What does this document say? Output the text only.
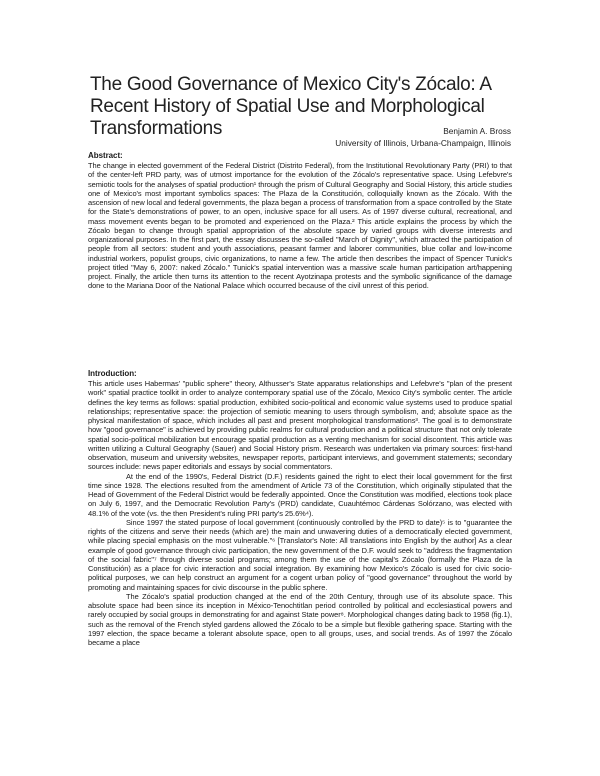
The Good Governance of Mexico City's Zócalo: A Recent History of Spatial Use and Morphological Transformations	Benjamin A. Bross
University of Illinois, Urbana-Champaign, Illinois

Abstract:

The change in elected government of the Federal District (Distrito Federal), from the Institutional Revolutionary Party (PRI) to that of the center-left PRD party, was of utmost importance for the evolution of the Zócalo's representative space. Using Lefebvre's semiotic tools for the analyses of spatial production¹ through the prism of Cultural Geography and Social History, this article studies one of Mexico's most important symbolics spaces: The Plaza de la Constitución, colloquially known as the Zócalo. With the ascension of new local and federal governments, the plaza began a process of transformation from a space controlled by the State for the State's demonstrations of power, to an open, inclusive space for all users. As of 1997 diverse cultural, recreational, and mass movement events began to be promoted and experienced on the Plaza.² This article explains the process by which the Zócalo began to change through spatial appropriation of the absolute space by varied groups with diverse interests and organizational purposes. In the first part, the essay discusses the so-called "March of Dignity", which attracted the participation of people from all sectors: student and youth associations, peasant farmer and laborer communities, blue collar and low-income industrial workers, populist groups, civic organizations, to name a few. The article then describes the impact of Spencer Tunick's project titled "May 6, 2007: naked Zócalo." Tunick's spatial intervention was a massive scale human participation art/happening project. Finally, the article then turns its attention to the recent Ayotzinapa protests and the symbolic significance of the damage done to the Mariana Door of the National Palace which occurred because of the civil unrest of this period.

Introduction:

This article uses Habermas' "public sphere" theory, Althusser's State apparatus relationships and Lefebvre's "plan of the present work" spatial practice toolkit in order to analyze contemporary spatial use of the Zócalo, Mexico City's symbolic center. The article defines the key terms as follows: spatial production, exhibited socio-political and economic value systems used to produce spatial relationships; representative space: the projection of semiotic meaning to users through symbolism, and; absolute space as the physical manifestation of space, which includes all past and present morphological transformations³. The goal is to demonstrate how "good governance" is achieved by providing public realms for cultural production and a political structure that not only tolerate spatial socio-political mobilization but encourage spatial production as a venting mechanism for social discontent. This article was written utilizing a Cultural Geography (Sauer) and Social History prism. Research was undertaken via primary sources: first-hand observation, museum and university websites, newspaper reports, participant interviews, and government statements; secondary sources include: news paper editorials and essays by social commentators.

At the end of the 1990's, Federal District (D.F.) residents gained the right to elect their local government for the first time since 1928. The elections resulted from the amendment of Article 73 of the Constitution, which originally stipulated that the Head of Government of the Federal District would be federally appointed. Once the Constitution was modified, elections took place on July 6, 1997, and the Democratic Revolution Party's (PRD) candidate, Cuauhtémoc Cárdenas Solórzano, was elected with 48.1% of the vote (vs. the then President's ruling PRI party's 25.6%⁴).

Since 1997 the stated purpose of local government (continuously controlled by the PRD to date)⁵ is to "guarantee the rights of the citizens and serve their needs (which are) the main and unwavering duties of a democratically elected government, while placing special emphasis on the most vulnerable."⁶ [Translator's Note: All translations into English by the author] As a clear example of good governance through civic participation, the new government of the D.F. would seek to "address the fragmentation of the social fabric"⁷ through diverse social programs; among them the use of the capital's Zócalo (formally the Plaza de la Constitución) as a place for civic interaction and social integration. By examining how Mexico's Zócalo is used for civic socio-political purposes, we can help construct an argument for a cogent urban policy of "good governance" throughout the world by promoting and maintaining spaces for civic discourse in the public sphere.

The Zócalo's spatial production changed at the end of the 20th Century, through use of its absolute space. This absolute space had been since its inception in México-Tenochtitlan period controlled by political and ecclesiastical powers and rarely occupied by social groups in demonstrating for and against State power⁸. Morphological changes dating back to 1958 (fig.1), such as the removal of the French styled gardens allowed the Zócalo to be a simple but flexible gathering space. Starting with the 1997 election, the space became a tolerant absolute space, open to all groups, uses, and social trends. As of 1997 the Zócalo became a place
